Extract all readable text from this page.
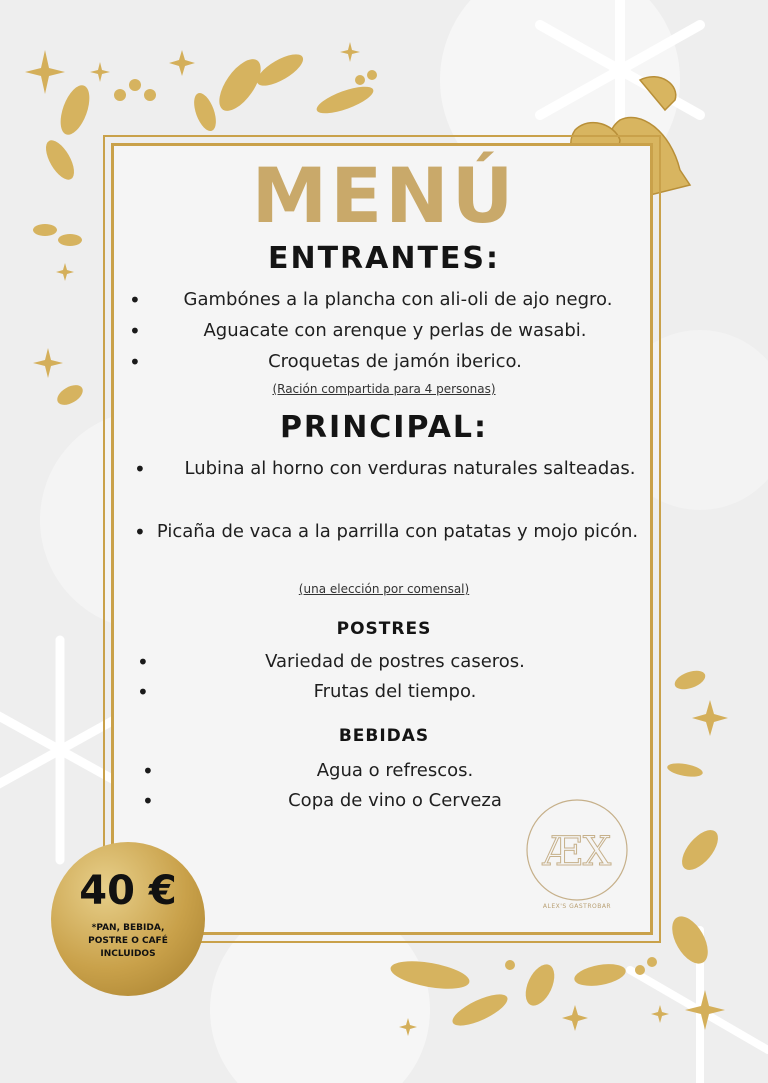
MENÚ
ENTRANTES:
•	Gambónes a la plancha con ali-oli de ajo negro.
•	Aguacate con arenque y perlas de wasabi.
•	Croquetas de jamón iberico.
(Ración compartida para 4 personas)
PRINCIPAL:
• Lubina al horno con verduras naturales salteadas.
• Picaña de vaca a la parrilla con patatas y mojo picón.
(una elección por comensal)
POSTRES
•	Variedad de postres caseros.
•	Frutas del tiempo.
BEBIDAS
•	Agua o refrescos.
•	Copa de vino o Cerveza
ÆX
ALEX'S GASTROBAR
40 €
*PAN, BEBIDA, POSTRE O CAFÉ INCLUIDOS
